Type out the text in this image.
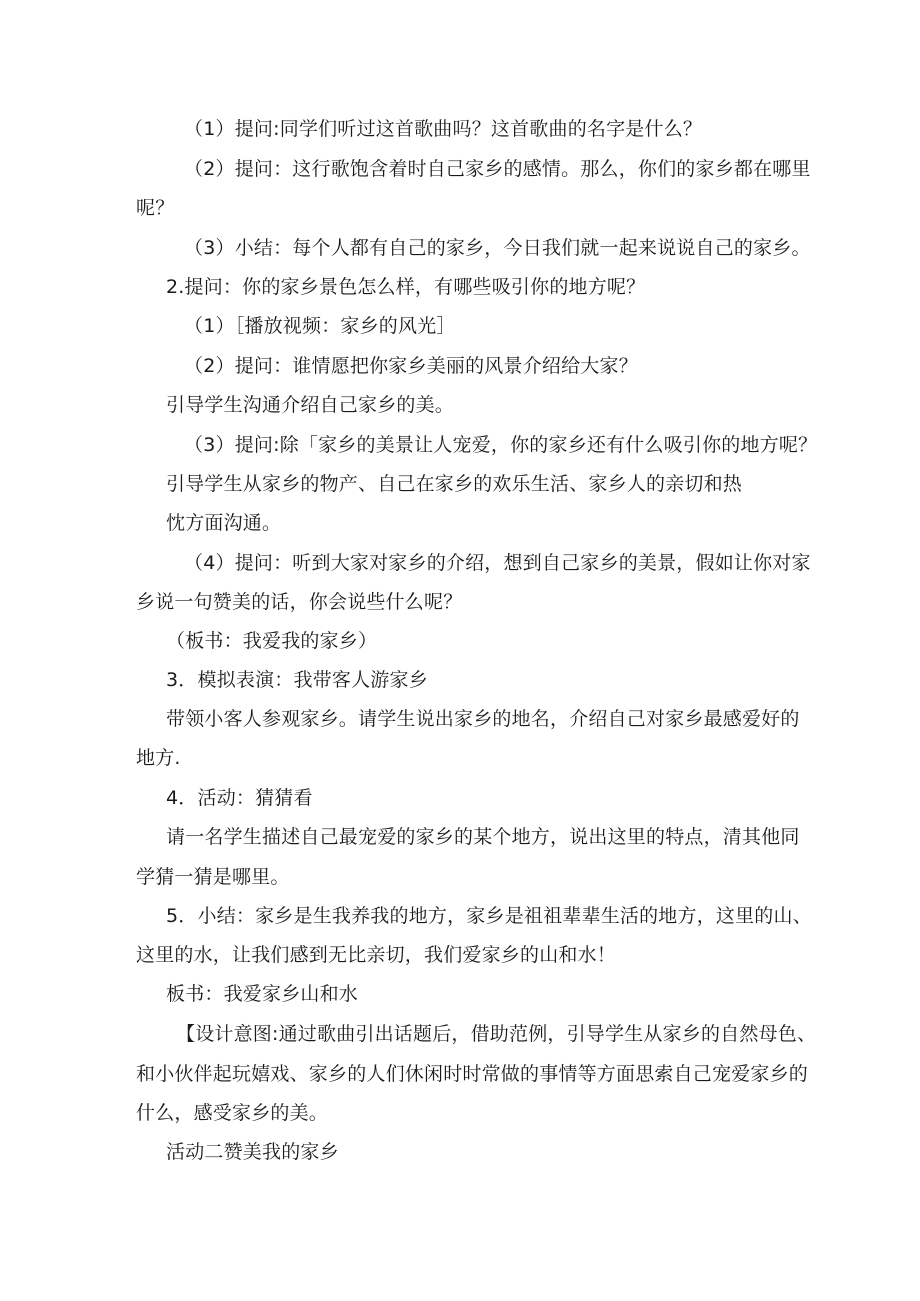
（1）提问:同学们听过这首歌曲吗？这首歌曲的名字是什么？
（2）提问：这行歌饱含着时自己家乡的感情。那么，你们的家乡都在哪里
呢？
（3）小结：每个人都有自己的家乡，今日我们就一起来说说自己的家乡。
2.提问：你的家乡景色怎么样，有哪些吸引你的地方呢？
（1）［播放视频：家乡的风光］
（2）提问：谁情愿把你家乡美丽的风景介绍给大家？
引导学生沟通介绍自己家乡的美。
（3）提问:除「家乡的美景让人宠爱，你的家乡还有什么吸引你的地方呢？
引导学生从家乡的物产、自己在家乡的欢乐生活、家乡人的亲切和热
忱方面沟通。
（4）提问：听到大家对家乡的介绍，想到自己家乡的美景，假如让你对家
乡说一句赞美的话，你会说些什么呢？
（板书：我爱我的家乡）
3．模拟表演：我带客人游家乡
带领小客人参观家乡。请学生说出家乡的地名，介绍自己对家乡最感爱好的
地方.
4．活动：猜猜看
请一名学生描述自己最宠爱的家乡的某个地方，说出这里的特点，清其他同
学猜一猜是哪里。
5．小结：家乡是生我养我的地方，家乡是祖祖辈辈生活的地方，这里的山、
这里的水，让我们感到无比亲切，我们爱家乡的山和水！
板书：我爱家乡山和水
【设计意图:通过歌曲引出话题后，借助范例，引导学生从家乡的自然母色、
和小伙伴起玩嬉戏、家乡的人们休闲时时常做的事情等方面思索自己宠爱家乡的
什么，感受家乡的美。
活动二赞美我的家乡
